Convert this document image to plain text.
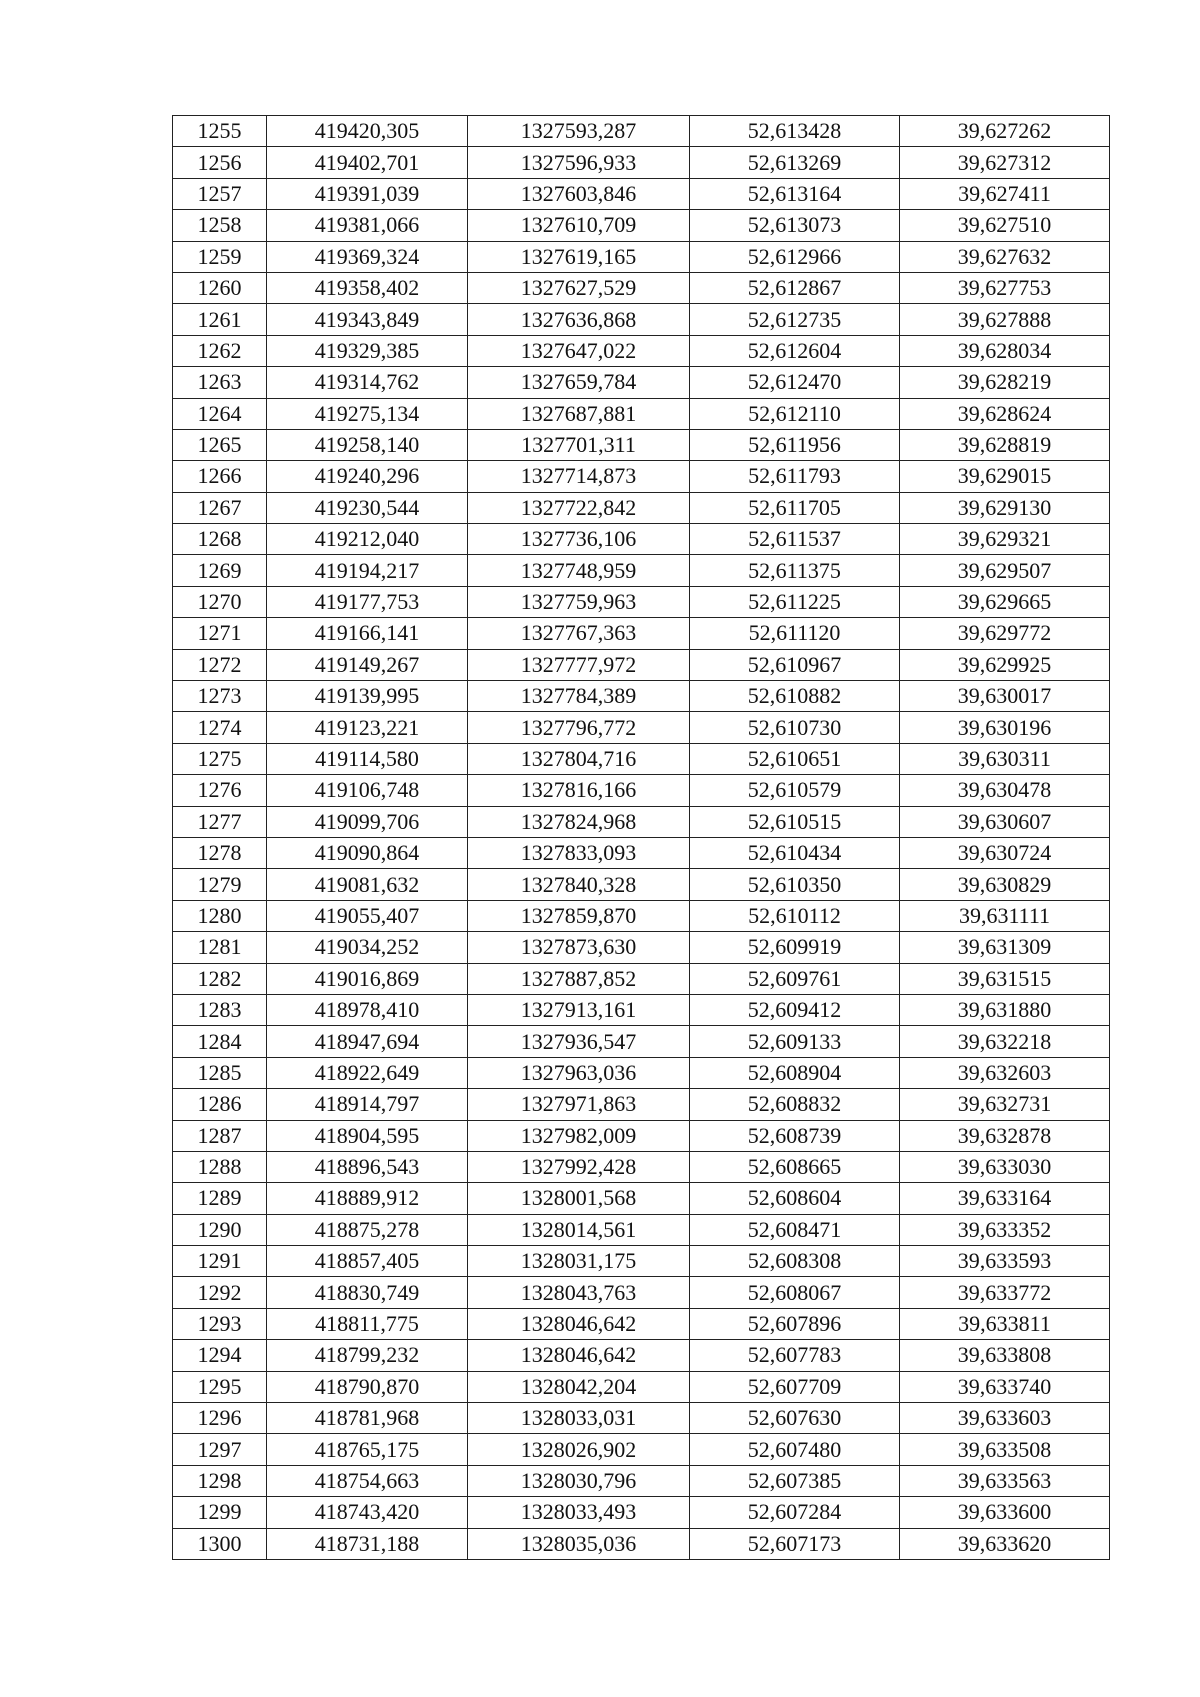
1255	419420,305	1327593,287	52,613428	39,627262
1256	419402,701	1327596,933	52,613269	39,627312
1257	419391,039	1327603,846	52,613164	39,627411
1258	419381,066	1327610,709	52,613073	39,627510
1259	419369,324	1327619,165	52,612966	39,627632
1260	419358,402	1327627,529	52,612867	39,627753
1261	419343,849	1327636,868	52,612735	39,627888
1262	419329,385	1327647,022	52,612604	39,628034
1263	419314,762	1327659,784	52,612470	39,628219
1264	419275,134	1327687,881	52,612110	39,628624
1265	419258,140	1327701,311	52,611956	39,628819
1266	419240,296	1327714,873	52,611793	39,629015
1267	419230,544	1327722,842	52,611705	39,629130
1268	419212,040	1327736,106	52,611537	39,629321
1269	419194,217	1327748,959	52,611375	39,629507
1270	419177,753	1327759,963	52,611225	39,629665
1271	419166,141	1327767,363	52,611120	39,629772
1272	419149,267	1327777,972	52,610967	39,629925
1273	419139,995	1327784,389	52,610882	39,630017
1274	419123,221	1327796,772	52,610730	39,630196
1275	419114,580	1327804,716	52,610651	39,630311
1276	419106,748	1327816,166	52,610579	39,630478
1277	419099,706	1327824,968	52,610515	39,630607
1278	419090,864	1327833,093	52,610434	39,630724
1279	419081,632	1327840,328	52,610350	39,630829
1280	419055,407	1327859,870	52,610112	39,631111
1281	419034,252	1327873,630	52,609919	39,631309
1282	419016,869	1327887,852	52,609761	39,631515
1283	418978,410	1327913,161	52,609412	39,631880
1284	418947,694	1327936,547	52,609133	39,632218
1285	418922,649	1327963,036	52,608904	39,632603
1286	418914,797	1327971,863	52,608832	39,632731
1287	418904,595	1327982,009	52,608739	39,632878
1288	418896,543	1327992,428	52,608665	39,633030
1289	418889,912	1328001,568	52,608604	39,633164
1290	418875,278	1328014,561	52,608471	39,633352
1291	418857,405	1328031,175	52,608308	39,633593
1292	418830,749	1328043,763	52,608067	39,633772
1293	418811,775	1328046,642	52,607896	39,633811
1294	418799,232	1328046,642	52,607783	39,633808
1295	418790,870	1328042,204	52,607709	39,633740
1296	418781,968	1328033,031	52,607630	39,633603
1297	418765,175	1328026,902	52,607480	39,633508
1298	418754,663	1328030,796	52,607385	39,633563
1299	418743,420	1328033,493	52,607284	39,633600
1300	418731,188	1328035,036	52,607173	39,633620
